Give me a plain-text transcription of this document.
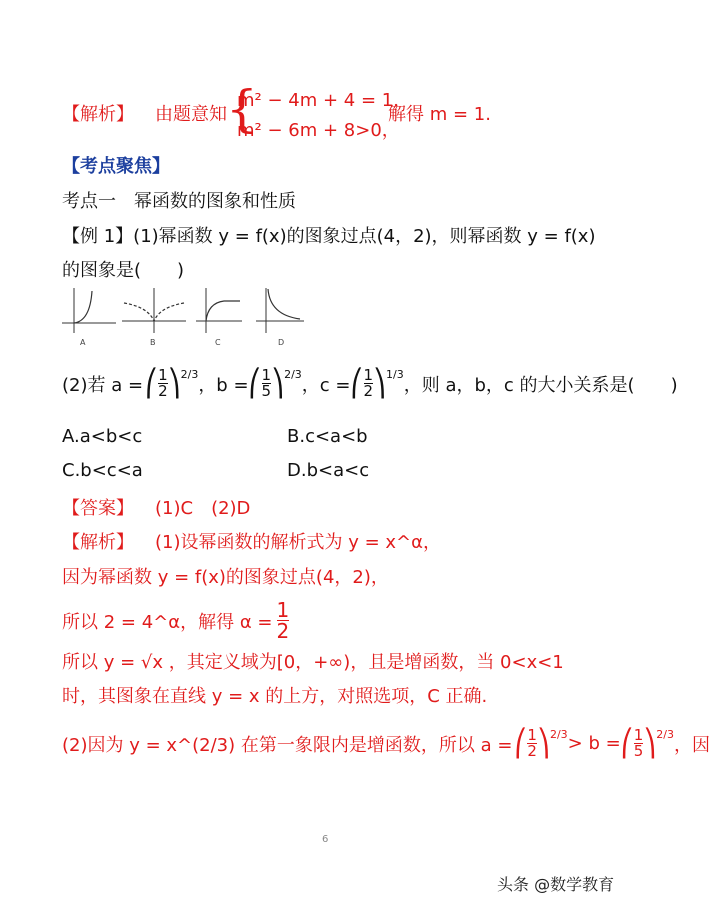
【解析】 由题意知 {
m² − 4m + 4 = 1，
m² − 6m + 8>0，
解得 m = 1.
【考点聚焦】
考点一　幂函数的图象和性质
【例 1】(1)幂函数 y = f(x)的图象过点(4，2)，则幂函数 y = f(x)
的图象是(　　)
A	B	C	D
(2)若 a = ⎛ $\frac{1}{2}$ ⎞ 2/3 ，b = ⎛ $\frac{1}{5}$ ⎞ 2/3 ，c = ⎛ $\frac{1}{2}$ ⎞ 1/3 ，则 a，b，c 的大小关系是(　　)
A.a<b<c	B.c<a<b
C.b<c<a	D.b<a<c
【答案】 (1)C　(2)D
【解析】 (1)设幂函数的解析式为 y = x^α，
因为幂函数 y = f(x)的图象过点(4，2)，
所以 2 = 4^α，解得 $\alpha = \frac{1}{2}$
所以 y = √x ，其定义域为[0，+∞)，且是增函数，当 0<x<1
时，其图象在直线 y = x 的上方，对照选项，C 正确.
(2)因为 y = x^(2/3) 在第一象限内是增函数，所以 a = ⎛ $\frac{1}{2}$ ⎞ 2/3 > b = ⎛ $\frac{1}{5}$ ⎞ 2/3 ，因
6
头条 @数学教育
